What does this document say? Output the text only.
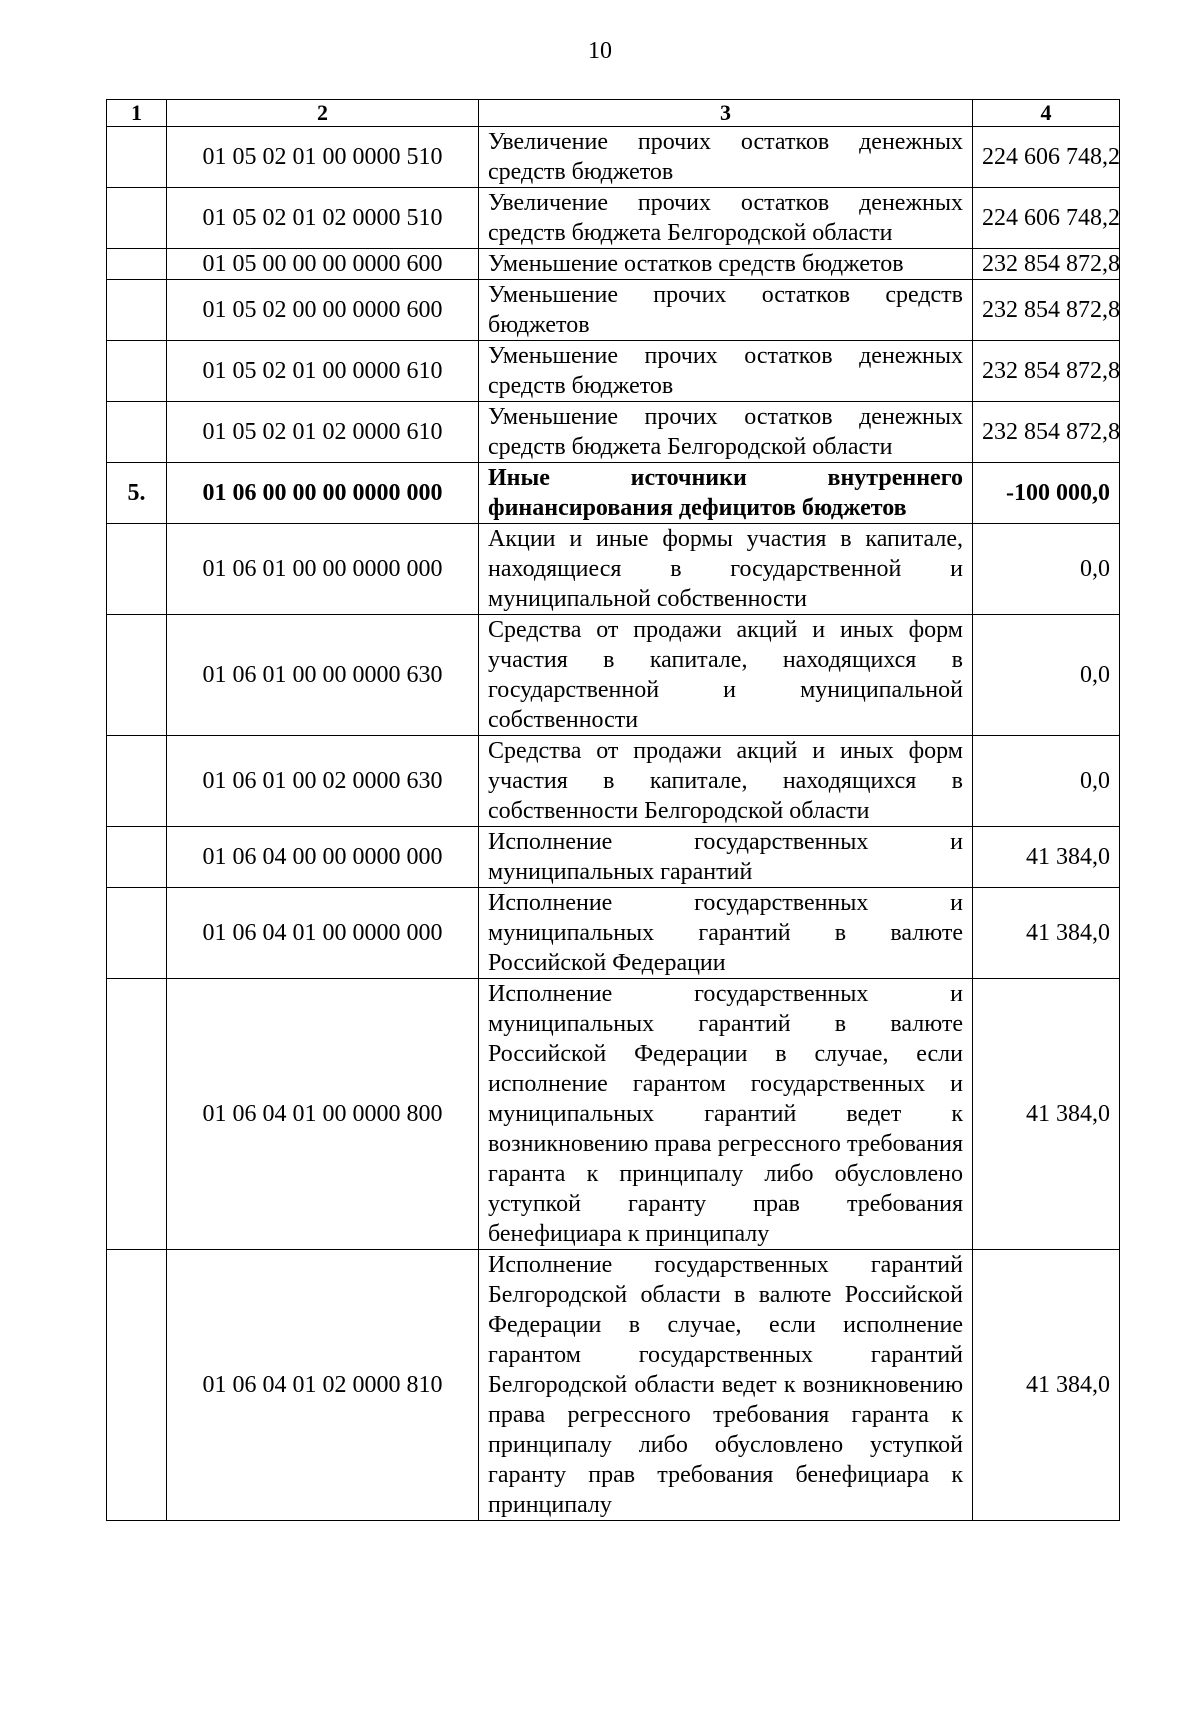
10
1	2	3	4
	01 05 02 01 00 0000 510	Увеличение прочих остатков денежных средств бюджетов	224 606 748,2
	01 05 02 01 02 0000 510	Увеличение прочих остатков денежных средств бюджета Белгородской области	224 606 748,2
	01 05 00 00 00 0000 600	Уменьшение остатков средств бюджетов	232 854 872,8
	01 05 02 00 00 0000 600	Уменьшение прочих остатков средств бюджетов	232 854 872,8
	01 05 02 01 00 0000 610	Уменьшение прочих остатков денежных средств бюджетов	232 854 872,8
	01 05 02 01 02 0000 610	Уменьшение прочих остатков денежных средств бюджета Белгородской области	232 854 872,8
5.	01 06 00 00 00 0000 000	Иные источники внутреннего финансирования дефицитов бюджетов	-100 000,0
	01 06 01 00 00 0000 000	Акции и иные формы участия в капитале, находящиеся в государственной и муниципальной собственности	0,0
	01 06 01 00 00 0000 630	Средства от продажи акций и иных форм участия в капитале, находящихся в государственной и муниципальной собственности	0,0
	01 06 01 00 02 0000 630	Средства от продажи акций и иных форм участия в капитале, находящихся в собственности Белгородской области	0,0
	01 06 04 00 00 0000 000	Исполнение государственных и муниципальных гарантий	41 384,0
	01 06 04 01 00 0000 000	Исполнение государственных и муниципальных гарантий в валюте Российской Федерации	41 384,0
	01 06 04 01 00 0000 800	Исполнение государственных и муниципальных гарантий в валюте Российской Федерации в случае, если исполнение гарантом государственных и муниципальных гарантий ведет к возникновению права регрессного требования гаранта к принципалу либо обусловлено уступкой гаранту прав требования бенефициара к принципалу	41 384,0
	01 06 04 01 02 0000 810	Исполнение государственных гарантий Белгородской области в валюте Российской Федерации в случае, если исполнение гарантом государственных гарантий Белгородской области ведет к возникновению права регрессного требования гаранта к принципалу либо обусловлено уступкой гаранту прав требования бенефициара к принципалу	41 384,0
